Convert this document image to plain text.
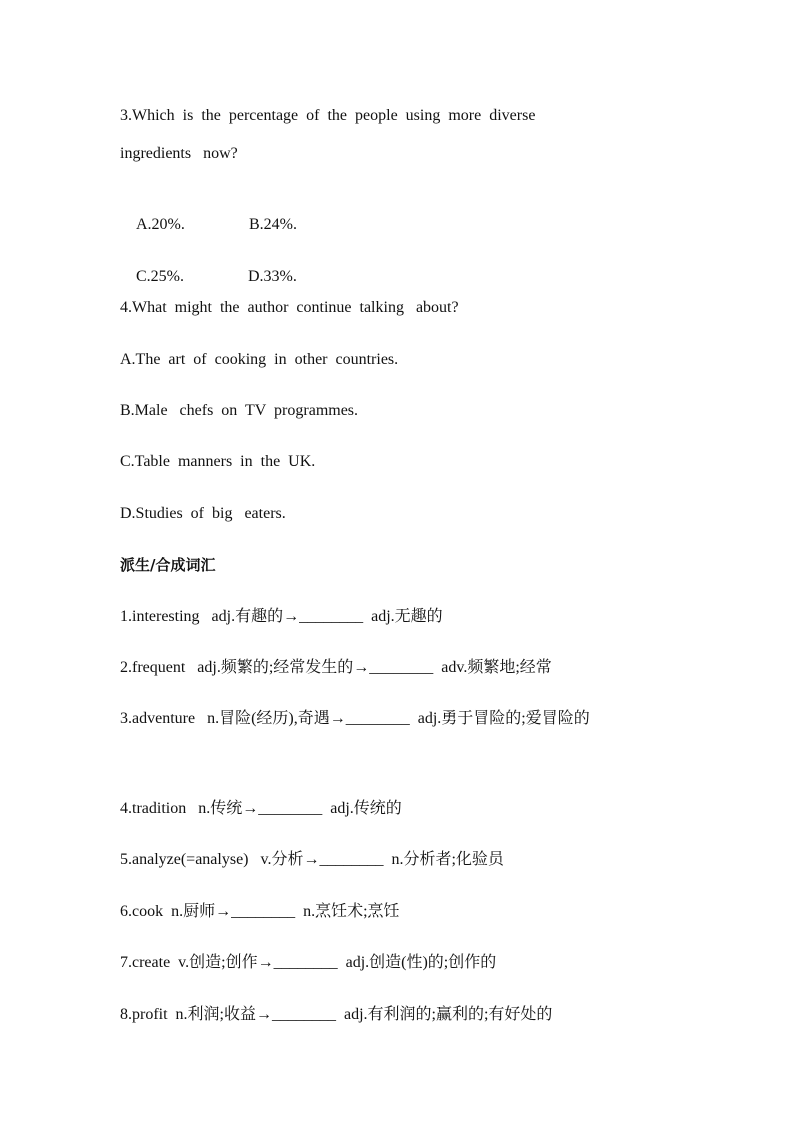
3.Which  is  the  percentage  of  the  people  using  more  diverse
ingredients   now?

A.20%.	B.24%.

C.25%.	D.33%.

4.What  might  the  author  continue  talking   about?
A.The  art  of  cooking  in  other  countries.
B.Male   chefs  on  TV  programmes.
C.Table  manners  in  the  UK.
D.Studies  of  big   eaters.
派生/合成词汇
1.interesting   adj.有趣的→________  adj.无趣的
2.frequent   adj.频繁的;经常发生的→________  adv.频繁地;经常
3.adventure   n.冒险(经历),奇遇→________  adj.勇于冒险的;爱冒险的
4.tradition   n.传统→________  adj.传统的
5.analyze(=analyse)   v.分析→________  n.分析者;化验员
6.cook  n.厨师→________  n.烹饪术;烹饪
7.create  v.创造;创作→________  adj.创造(性)的;创作的
8.profit  n.利润;收益→________  adj.有利润的;赢利的;有好处的
